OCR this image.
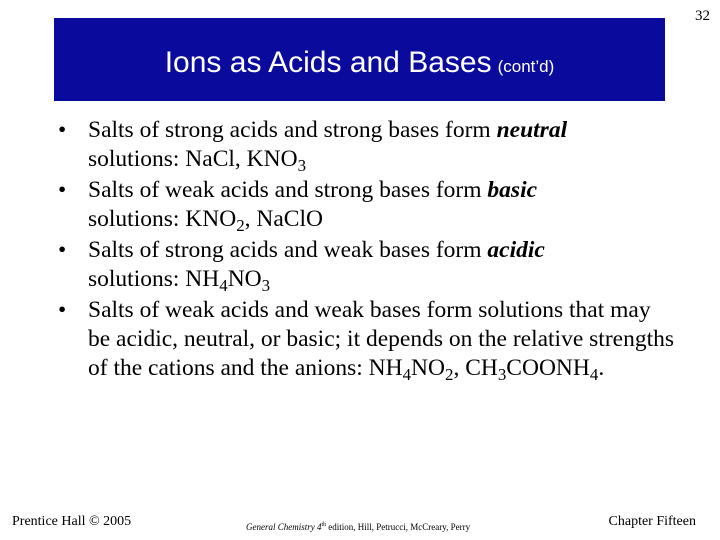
32
Ions as Acids and Bases (cont’d)
• Salts of strong acids and strong bases form neutral
solutions: NaCl, $KNO_3$
• Salts of weak acids and strong bases form basic
solutions: $KNO_2$, NaClO
• Salts of strong acids and weak bases form acidic
solutions: $NH_4NO_3$
• Salts of weak acids and weak bases form solutions that may be acidic, neutral, or basic; it depends on the relative strengths of the cations and the anions: $NH_4NO_2$, $CH_3COONH_4$.
Prentice Hall © 2005	General Chemistry 4th edition, Hill, Petrucci, McCreary, Perry	Chapter Fifteen
